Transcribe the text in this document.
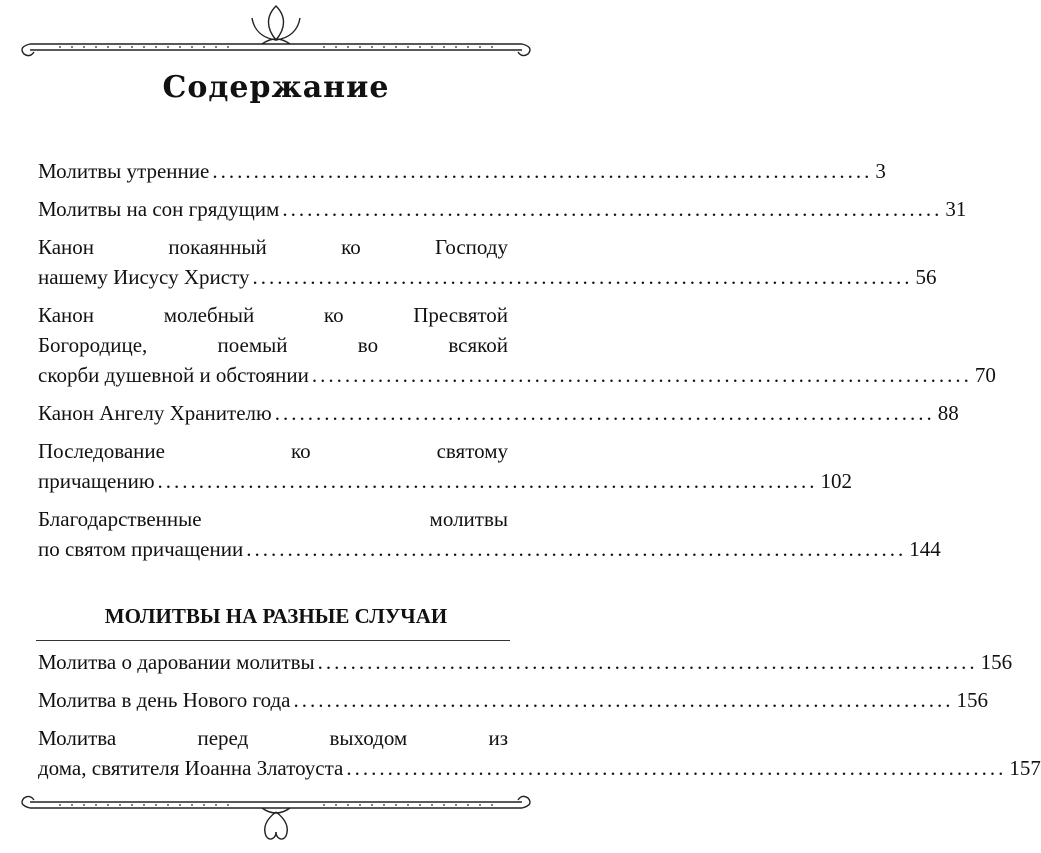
Содержание
Молитвы утренние ................................................................................ 3
Молитвы на сон грядущим ................................................................................ 31
Канон покаянный ко Господу
нашему Иисусу Христу ................................................................................ 56
Канон молебный ко Пресвятой
Богородице, поемый во всякой
скорби душевной и обстоянии ................................................................................ 70
Канон Ангелу Хранителю ................................................................................ 88
Последование ко святому
причащению ................................................................................ 102
Благодарственные молитвы
по святом причащении ................................................................................ 144
МОЛИТВЫ НА РАЗНЫЕ СЛУЧАИ
Молитва о даровании молитвы ................................................................................ 156
Молитва в день Нового года ................................................................................ 156
Молитва перед выходом из
дома, святителя Иоанна Златоуста ................................................................................ 157
